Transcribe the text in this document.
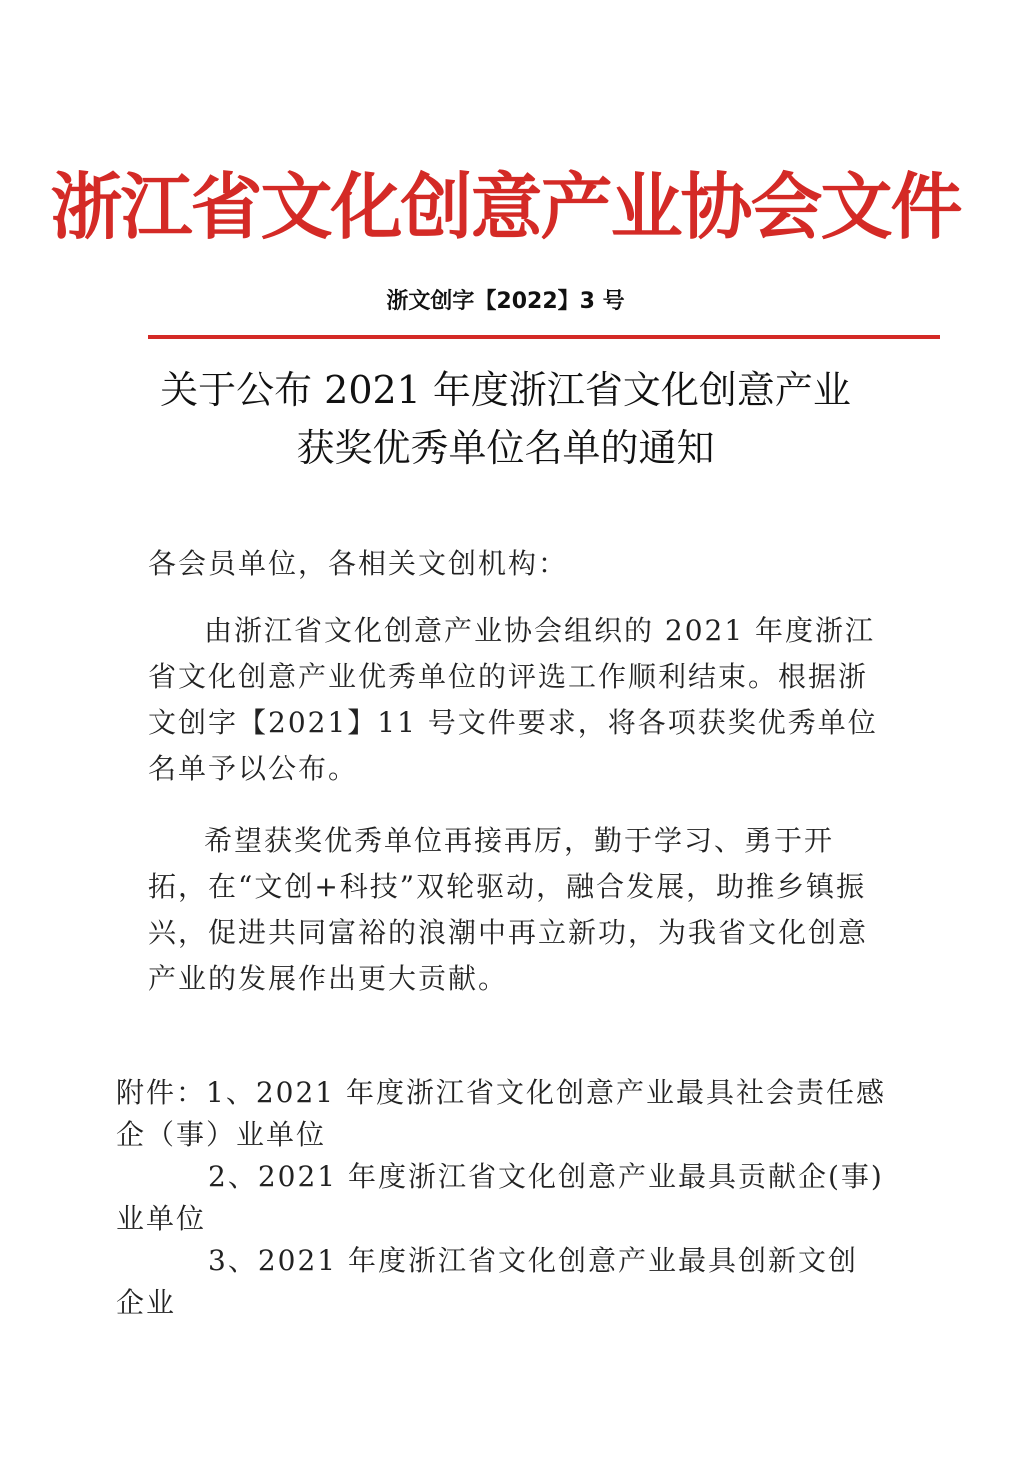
浙江省文化创意产业协会文件
浙文创字【2022】3 号
关于公布 2021 年度浙江省文化创意产业
获奖优秀单位名单的通知
各会员单位，各相关文创机构：

由浙江省文化创意产业协会组织的 2021 年度浙江省文化创意产业优秀单位的评选工作顺利结束。根据浙文创字【2021】11 号文件要求，将各项获奖优秀单位名单予以公布。

希望获奖优秀单位再接再厉，勤于学习、勇于开拓，在“文创+科技”双轮驱动，融合发展，助推乡镇振兴，促进共同富裕的浪潮中再立新功，为我省文化创意产业的发展作出更大贡献。

附件：1、2021 年度浙江省文化创意产业最具社会责任感企（事）业单位

2、2021 年度浙江省文化创意产业最具贡献企(事)业单位

3、2021 年度浙江省文化创意产业最具创新文创企业
